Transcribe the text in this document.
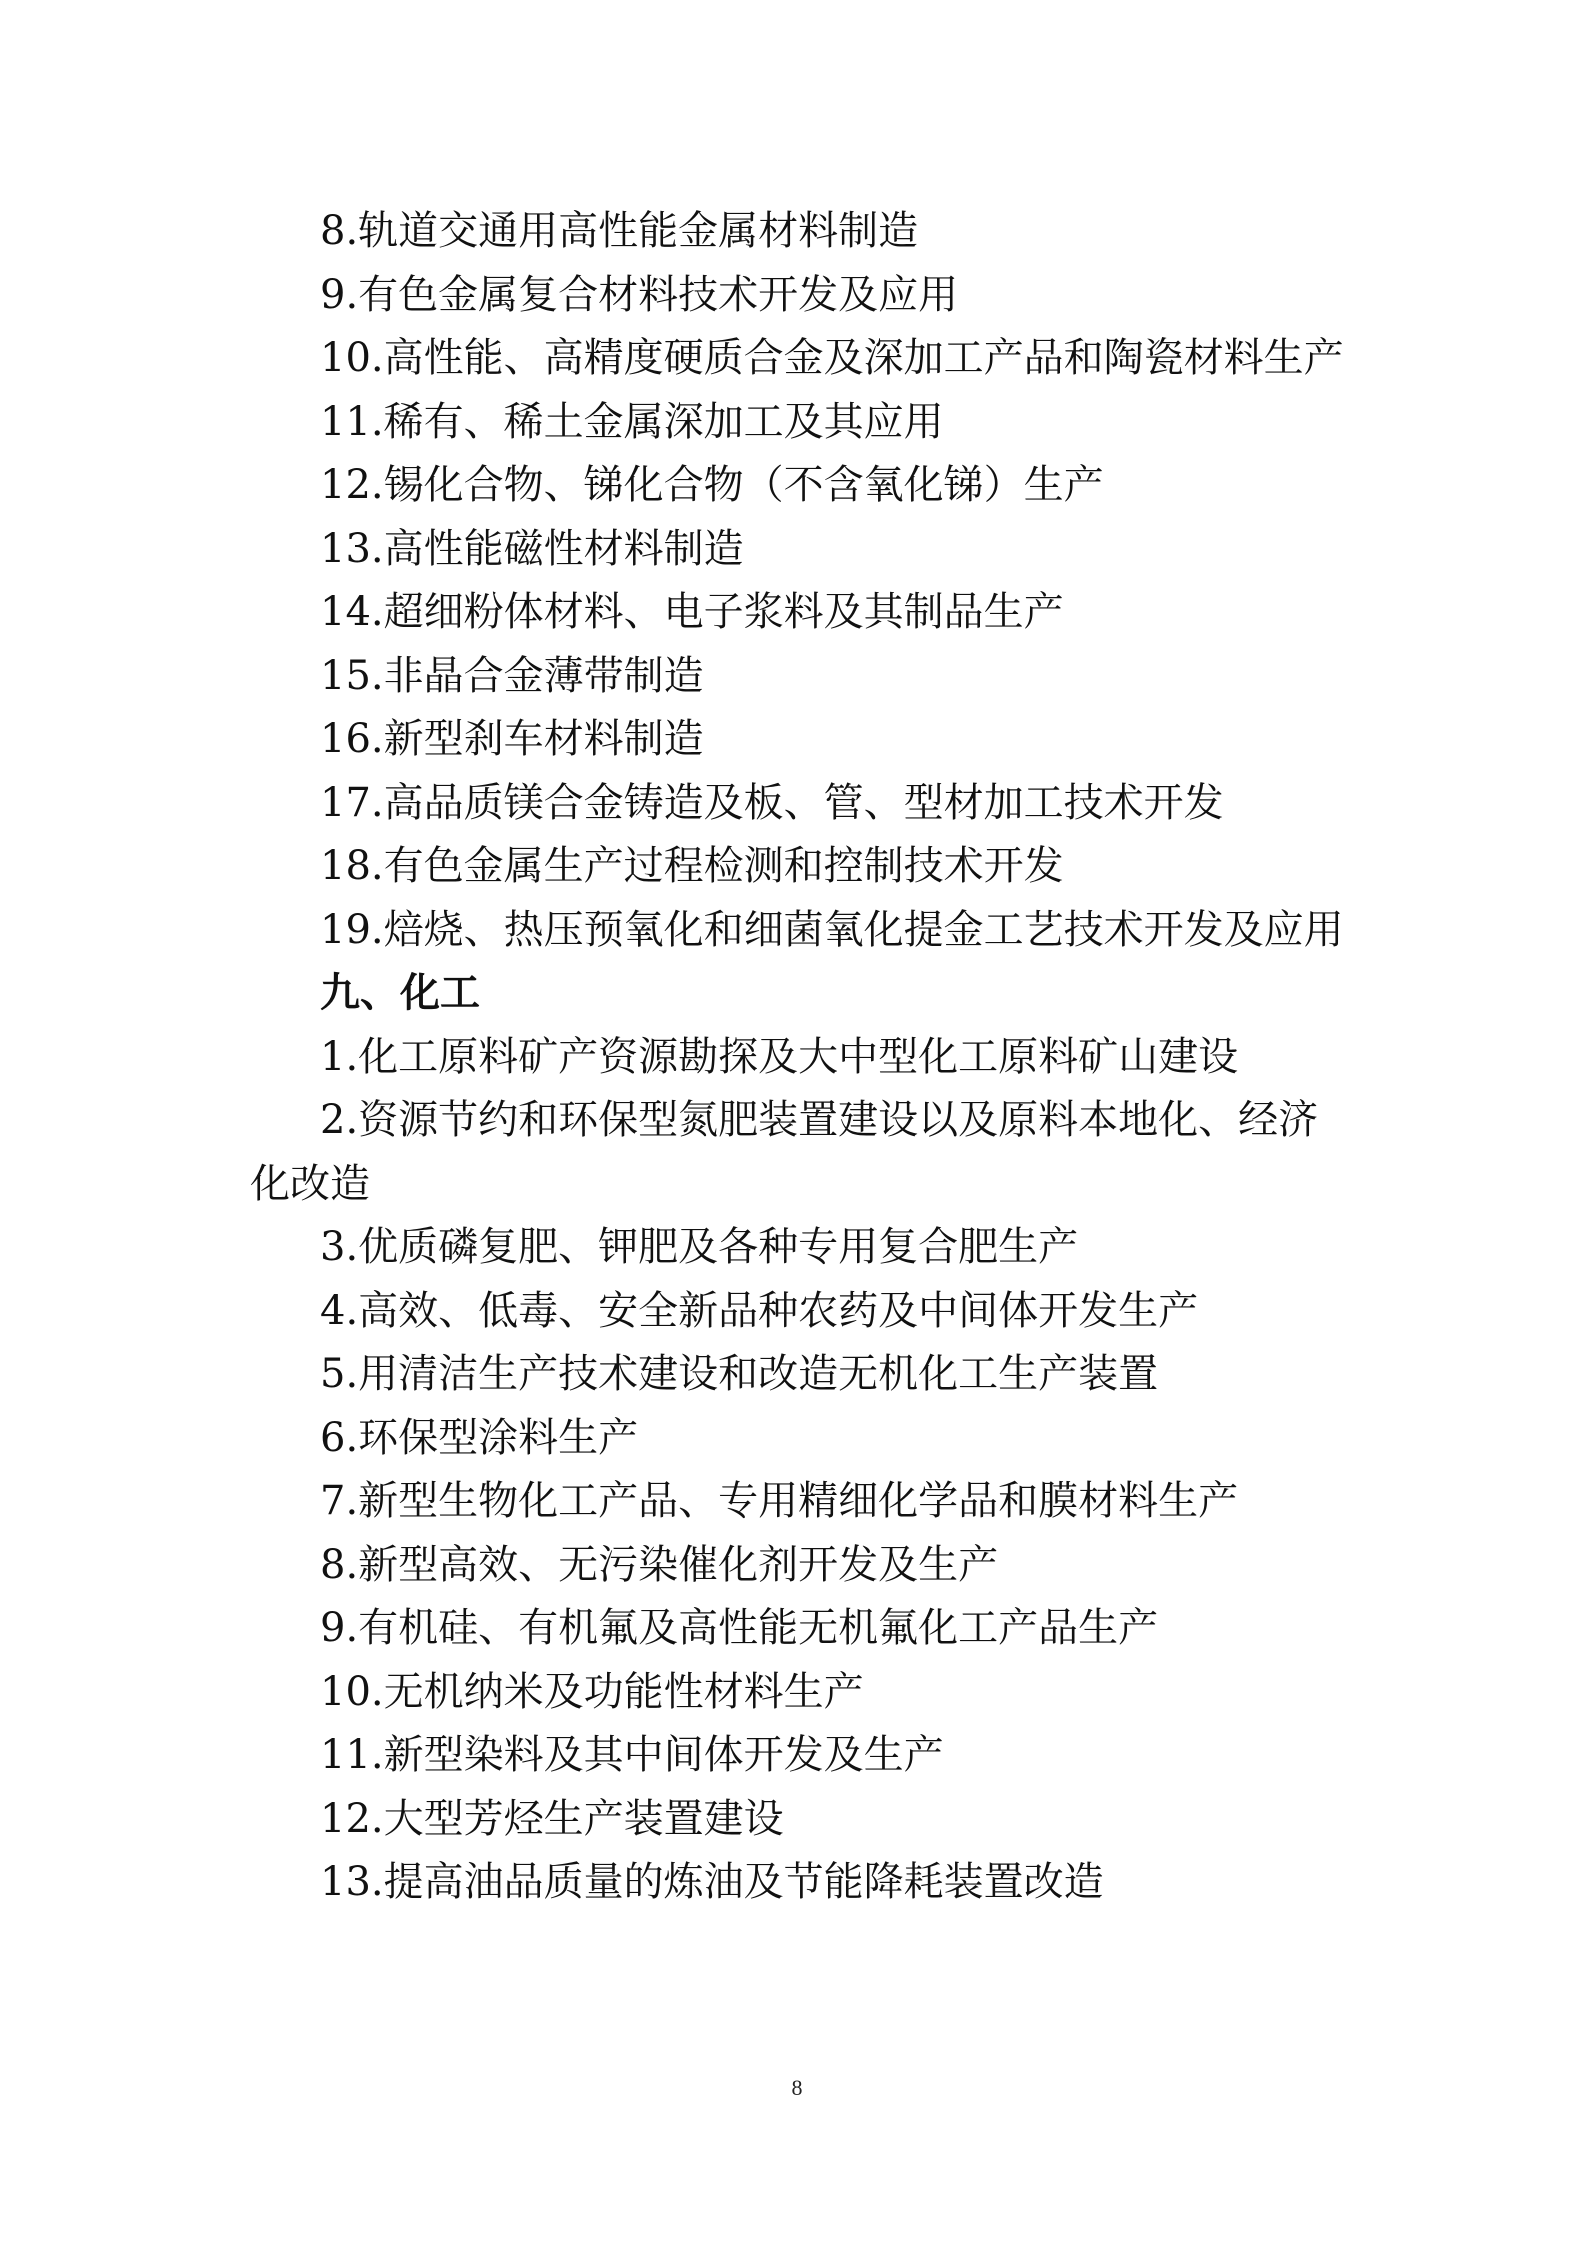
8.轨道交通用高性能金属材料制造

9.有色金属复合材料技术开发及应用

10.高性能、高精度硬质合金及深加工产品和陶瓷材料生产

11.稀有、稀土金属深加工及其应用

12.锡化合物、锑化合物（不含氧化锑）生产

13.高性能磁性材料制造

14.超细粉体材料、电子浆料及其制品生产

15.非晶合金薄带制造

16.新型刹车材料制造

17.高品质镁合金铸造及板、管、型材加工技术开发

18.有色金属生产过程检测和控制技术开发

19.焙烧、热压预氧化和细菌氧化提金工艺技术开发及应用

九、化工

1.化工原料矿产资源勘探及大中型化工原料矿山建设

2.资源节约和环保型氮肥装置建设以及原料本地化、经济化改造

3.优质磷复肥、钾肥及各种专用复合肥生产

4.高效、低毒、安全新品种农药及中间体开发生产

5.用清洁生产技术建设和改造无机化工生产装置

6.环保型涂料生产

7.新型生物化工产品、专用精细化学品和膜材料生产

8.新型高效、无污染催化剂开发及生产

9.有机硅、有机氟及高性能无机氟化工产品生产

10.无机纳米及功能性材料生产

11.新型染料及其中间体开发及生产

12.大型芳烃生产装置建设

13.提高油品质量的炼油及节能降耗装置改造

8
